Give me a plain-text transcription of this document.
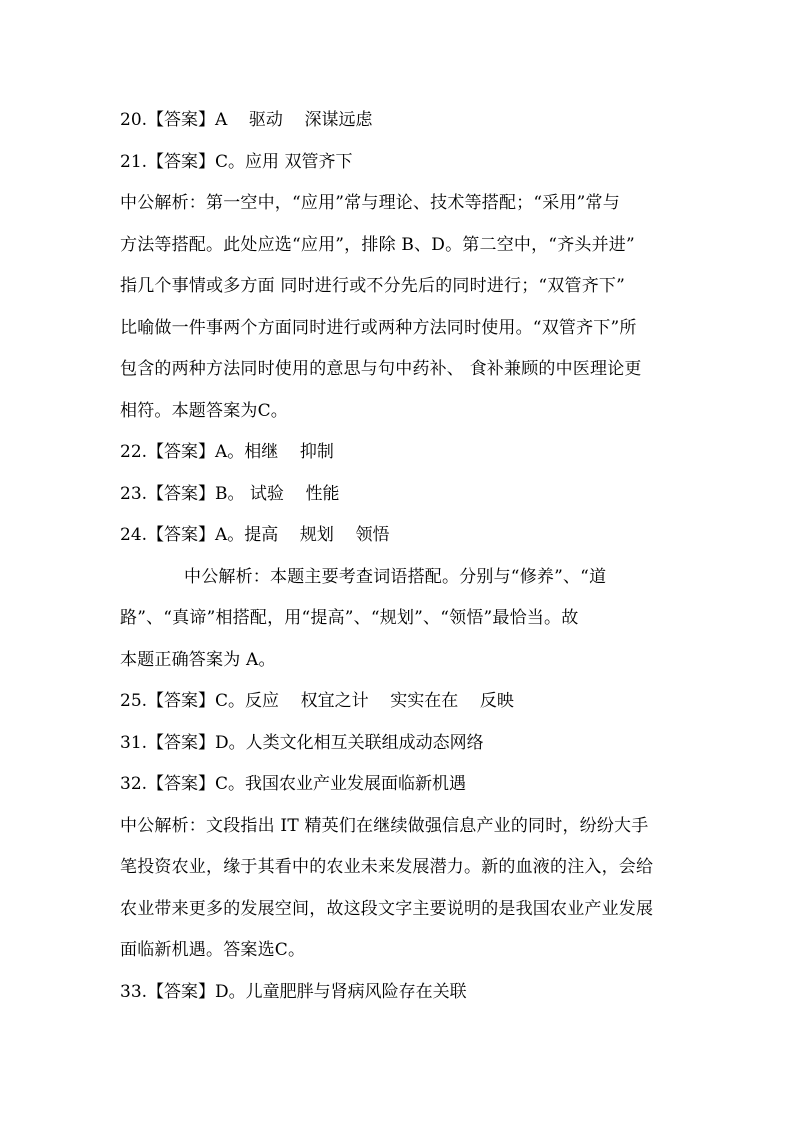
20.【答案】A    驱动    深谋远虑
21.【答案】C。应用 双管齐下
中公解析：第一空中，“应用”常与理论、技术等搭配；“采用”常与
方法等搭配。此处应选“应用”，排除 B、D。第二空中，“齐头并进”
指几个事情或多方面 同时进行或不分先后的同时进行；“双管齐下”
比喻做一件事两个方面同时进行或两种方法同时使用。“双管齐下”所
包含的两种方法同时使用的意思与句中药补、 食补兼顾的中医理论更
相符。本题答案为C。
22.【答案】A。相继    抑制
23.【答案】B。 试验    性能
24.【答案】A。提高    规划    领悟
中公解析：本题主要考查词语搭配。分别与“修养”、“道
路”、“真谛”相搭配，用“提高”、“规划”、“领悟”最恰当。故
本题正确答案为 A。
25.【答案】C。反应    权宜之计    实实在在    反映
31.【答案】D。人类文化相互关联组成动态网络
32.【答案】C。我国农业产业发展面临新机遇
中公解析：文段指出 IT 精英们在继续做强信息产业的同时，纷纷大手
笔投资农业，缘于其看中的农业未来发展潜力。新的血液的注入，会给
农业带来更多的发展空间，故这段文字主要说明的是我国农业产业发展
面临新机遇。答案选C。
33.【答案】D。儿童肥胖与肾病风险存在关联
